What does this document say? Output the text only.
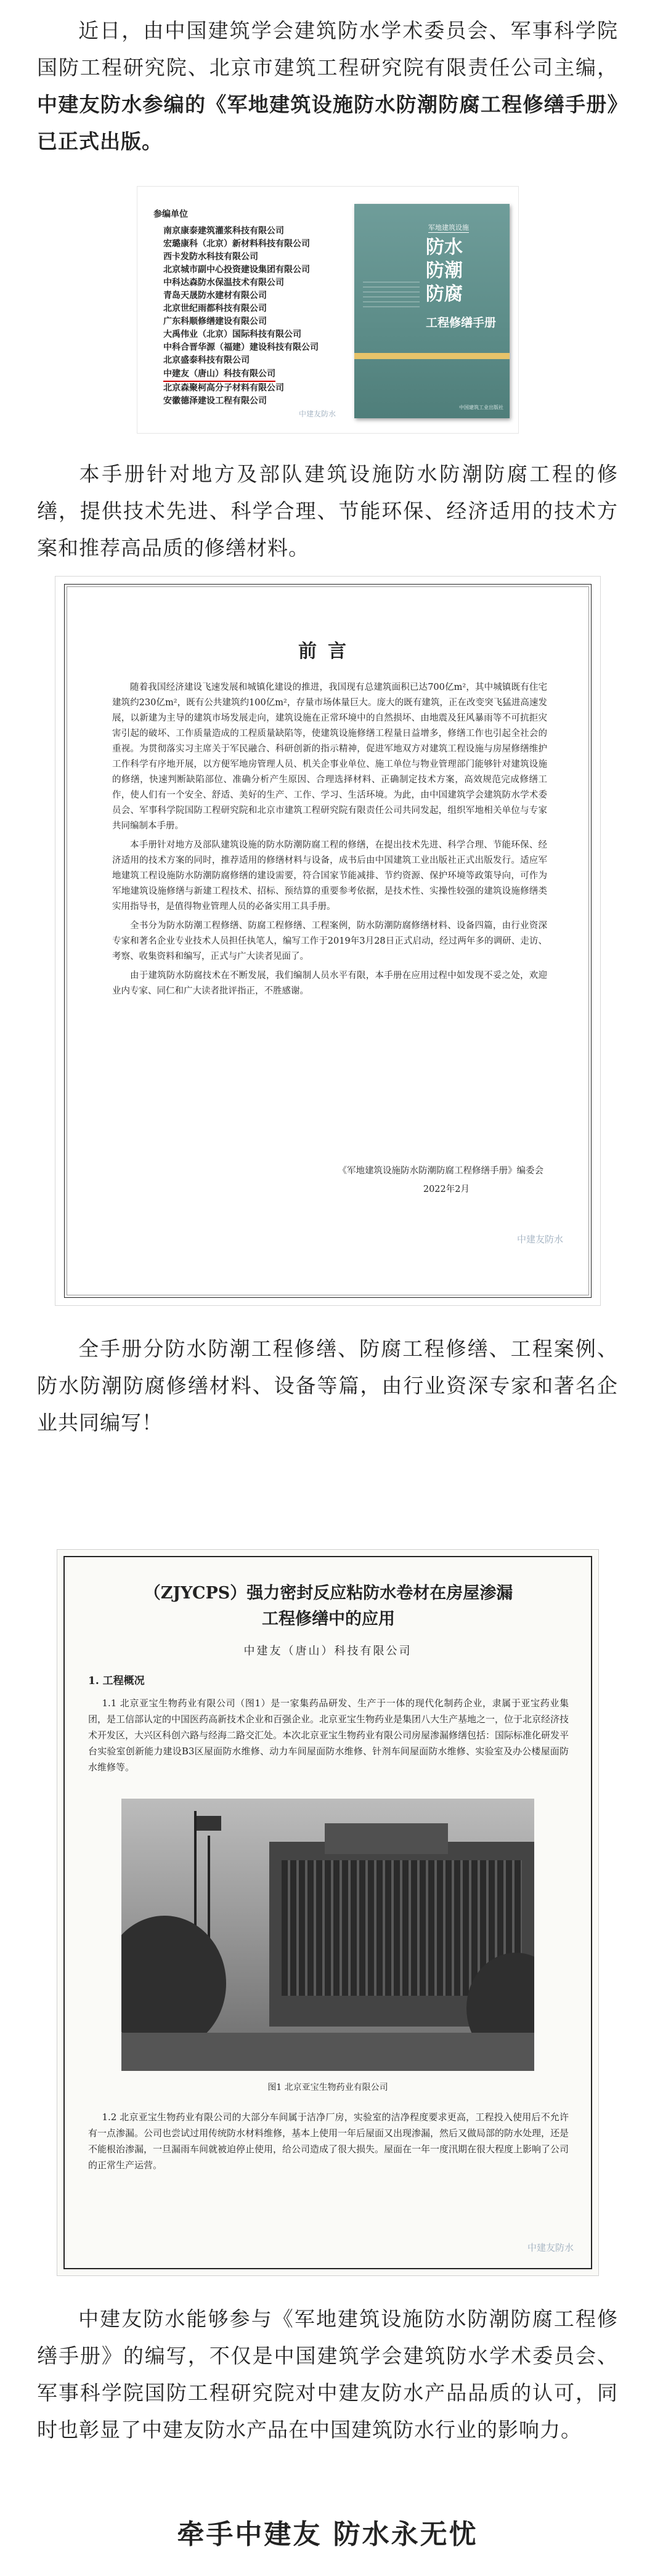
近日，由中国建筑学会建筑防水学术委员会、军事科学院国防工程研究院、北京市建筑工程研究院有限责任公司主编，中建友防水参编的《军地建筑设施防水防潮防腐工程修缮手册》已正式出版。

参编单位

南京康泰建筑灌浆科技有限公司
宏璐康科（北京）新材料科技有限公司
西卡发防水科技有限公司
北京城市副中心投资建设集团有限公司
中科达森防水保温技术有限公司
青岛天晟防水建材有限公司
北京世纪雨都科技有限公司
广东科顺修缮建设有限公司
大禹伟业（北京）国际科技有限公司
中科合晋华源（福建）建设科技有限公司
北京盛泰科技有限公司
中建友（唐山）科技有限公司
北京森聚柯高分子材料有限公司
安徽德泽建设工程有限公司
军地建筑设施
防水
防潮
防腐
工程修缮手册
中国建筑工业出版社
中建友防水

本手册针对地方及部队建筑设施防水防潮防腐工程的修缮，提供技术先进、科学合理、节能环保、经济适用的技术方案和推荐高品质的修缮材料。

前言

随着我国经济建设飞速发展和城镇化建设的推进，我国现有总建筑面积已达700亿m²，其中城镇既有住宅建筑约230亿m²，既有公共建筑约100亿m²，存量市场体量巨大。庞大的既有建筑，正在改变突飞猛进高速发展，以新建为主导的建筑市场发展走向，建筑设施在正常环境中的自然损坏、由地震及狂风暴雨等不可抗拒灾害引起的破坏、工作质量造成的工程质量缺陷等，使建筑设施修缮工程量日益增多，修缮工作也引起全社会的重视。为贯彻落实习主席关于军民融合、科研创新的指示精神，促进军地双方对建筑工程设施与房屋修缮维护工作科学有序地开展，以方便军地房管理人员、机关企事业单位、施工单位与物业管理部门能够针对建筑设施的修缮，快速判断缺陷部位、准确分析产生原因、合理选择材料、正确制定技术方案，高效规范完成修缮工作，使人们有一个安全、舒适、美好的生产、工作、学习、生活环境。为此，由中国建筑学会建筑防水学术委员会、军事科学院国防工程研究院和北京市建筑工程研究院有限责任公司共同发起，组织军地相关单位与专家共同编制本手册。

本手册针对地方及部队建筑设施的防水防潮防腐工程的修缮，在提出技术先进、科学合理、节能环保、经济适用的技术方案的同时，推荐适用的修缮材料与设备，成书后由中国建筑工业出版社正式出版发行。适应军地建筑工程设施防水防潮防腐修缮的建设需要，符合国家节能减排、节约资源、保护环境等政策导向，可作为军地建筑设施修缮与新建工程技术、招标、预结算的重要参考依据，是技术性、实操性较强的建筑设施修缮类实用指导书，是值得物业管理人员的必备实用工具手册。

全书分为防水防潮工程修缮、防腐工程修缮、工程案例，防水防潮防腐修缮材料、设备四篇，由行业资深专家和著名企业专业技术人员担任执笔人，编写工作于2019年3月28日正式启动，经过两年多的调研、走访、考察、收集资料和编写，正式与广大读者见面了。

由于建筑防水防腐技术在不断发展，我们编制人员水平有限，本手册在应用过程中如发现不妥之处，欢迎业内专家、同仁和广大读者批评指正，不胜感谢。

《军地建筑设施防水防潮防腐工程修缮手册》编委会
2022年2月
中建友防水

全手册分防水防潮工程修缮、防腐工程修缮、工程案例、防水防潮防腐修缮材料、设备等篇，由行业资深专家和著名企业共同编写！

（ZJYCPS）强力密封反应粘防水卷材在房屋渗漏
工程修缮中的应用
中建友（唐山）科技有限公司
1. 工程概况

1.1 北京亚宝生物药业有限公司（图1）是一家集药品研发、生产于一体的现代化制药企业，隶属于亚宝药业集团，是工信部认定的中国医药高新技术企业和百强企业。北京亚宝生物药业是集团八大生产基地之一，位于北京经济技术开发区，大兴区科创六路与经海二路交汇处。本次北京亚宝生物药业有限公司房屋渗漏修缮包括：国际标准化研发平台实验室创新能力建设B3区屋面防水维修、动力车间屋面防水维修、针剂车间屋面防水维修、实验室及办公楼屋面防水维修等。

图1 北京亚宝生物药业有限公司

1.2 北京亚宝生物药业有限公司的大部分车间属于洁净厂房，实验室的洁净程度要求更高，工程投入使用后不允许有一点渗漏。公司也尝试过用传统防水材料维修，基本上使用一年后屋面又出现渗漏，然后又做局部的防水处理，还是不能根治渗漏，一旦漏雨车间就被迫停止使用，给公司造成了很大损失。屋面在一年一度汛期在很大程度上影响了公司的正常生产运营。

中建友防水

中建友防水能够参与《军地建筑设施防水防潮防腐工程修缮手册》的编写，不仅是中国建筑学会建筑防水学术委员会、军事科学院国防工程研究院对中建友防水产品品质的认可，同时也彰显了中建友防水产品在中国建筑防水行业的影响力。

牵手中建友 防水永无忧
